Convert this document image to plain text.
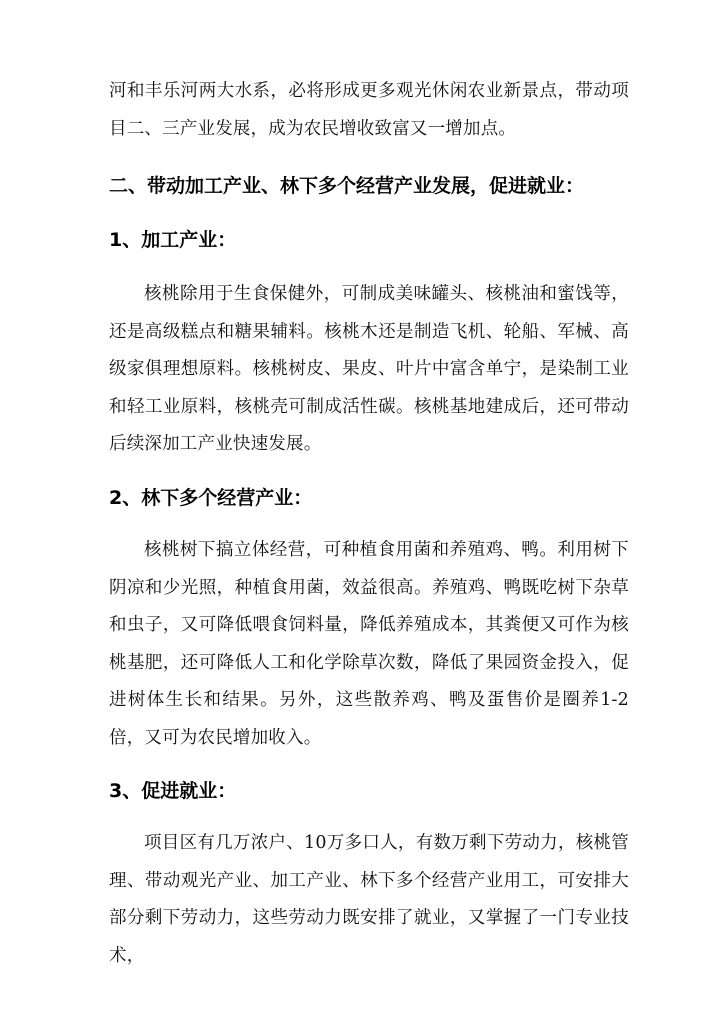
河和丰乐河两大水系，必将形成更多观光休闲农业新景点，带动项目二、三产业发展，成为农民增收致富又一增加点。

二、带动加工产业、林下多个经营产业发展，促进就业：
1、加工产业：

核桃除用于生食保健外，可制成美味罐头、核桃油和蜜饯等，还是高级糕点和糖果辅料。核桃木还是制造飞机、轮船、军械、高级家俱理想原料。核桃树皮、果皮、叶片中富含单宁，是染制工业和轻工业原料，核桃壳可制成活性碳。核桃基地建成后，还可带动后续深加工产业快速发展。

2、林下多个经营产业：

核桃树下搞立体经营，可种植食用菌和养殖鸡、鸭。利用树下阴凉和少光照，种植食用菌，效益很高。养殖鸡、鸭既吃树下杂草和虫子，又可降低喂食饲料量，降低养殖成本，其粪便又可作为核桃基肥，还可降低人工和化学除草次数，降低了果园资金投入，促进树体生长和结果。另外，这些散养鸡、鸭及蛋售价是圈养1-2倍，又可为农民增加收入。

3、促进就业：

项目区有几万浓户、10万多口人，有数万剩下劳动力，核桃管理、带动观光产业、加工产业、林下多个经营产业用工，可安排大部分剩下劳动力，这些劳动力既安排了就业，又掌握了一门专业技术，
